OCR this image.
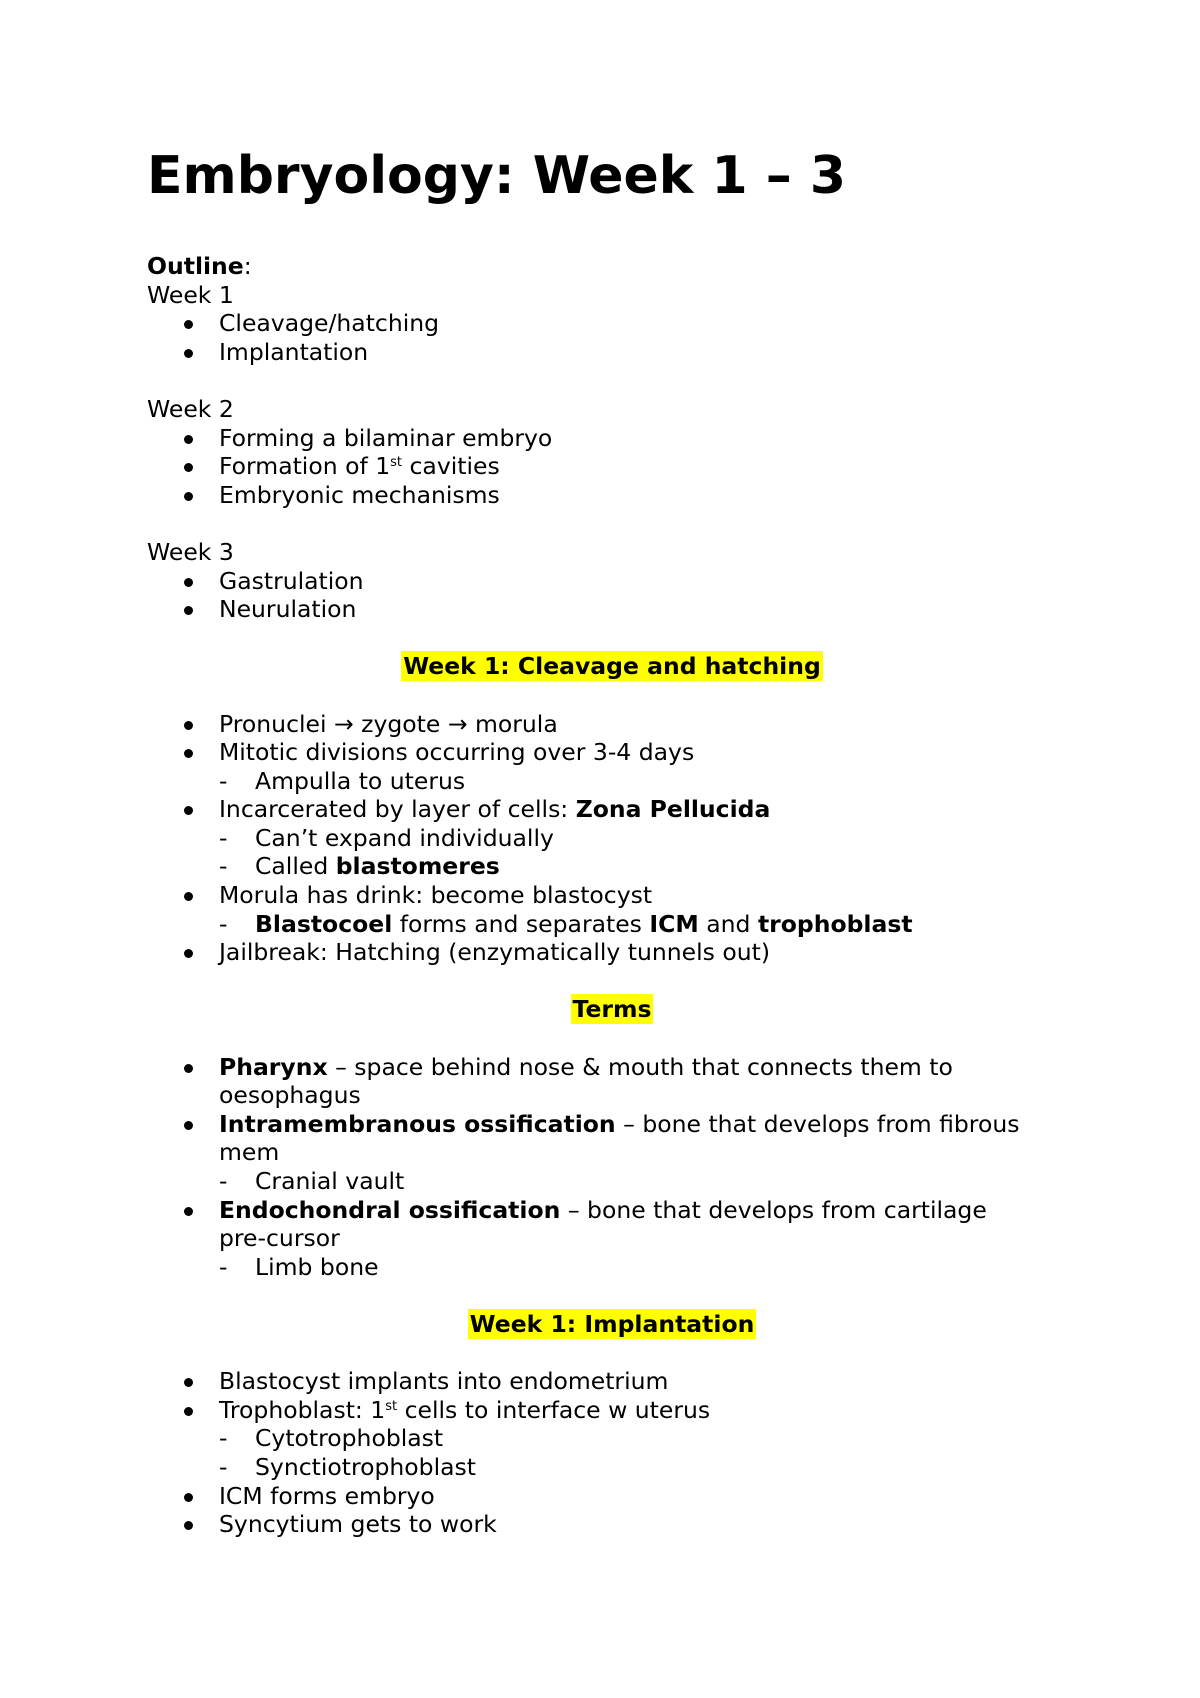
Embryology: Week 1 – 3

Outline:

Week 1

Cleavage/hatching

Implantation

Week 2

Forming a bilaminar embryo

Formation of 1st cavities

Embryonic mechanisms

Week 3

Gastrulation

Neurulation

Week 1: Cleavage and hatching

Pronuclei → zygote → morula

Mitotic divisions occurring over 3-4 days

- Ampulla to uterus

Incarcerated by layer of cells: Zona Pellucida

- Can’t expand individually

- Called blastomeres

Morula has drink: become blastocyst

- Blastocoel forms and separates ICM and trophoblast

Jailbreak: Hatching (enzymatically tunnels out)

Terms

Pharynx – space behind nose & mouth that connects them to
oesophagus
Intramembranous ossification – bone that develops from fibrous
mem

- Cranial vault

Endochondral ossification – bone that develops from cartilage
pre-cursor

- Limb bone

Week 1: Implantation

Blastocyst implants into endometrium

Trophoblast: 1st cells to interface w uterus

- Cytotrophoblast

- Synctiotrophoblast

ICM forms embryo

Syncytium gets to work
